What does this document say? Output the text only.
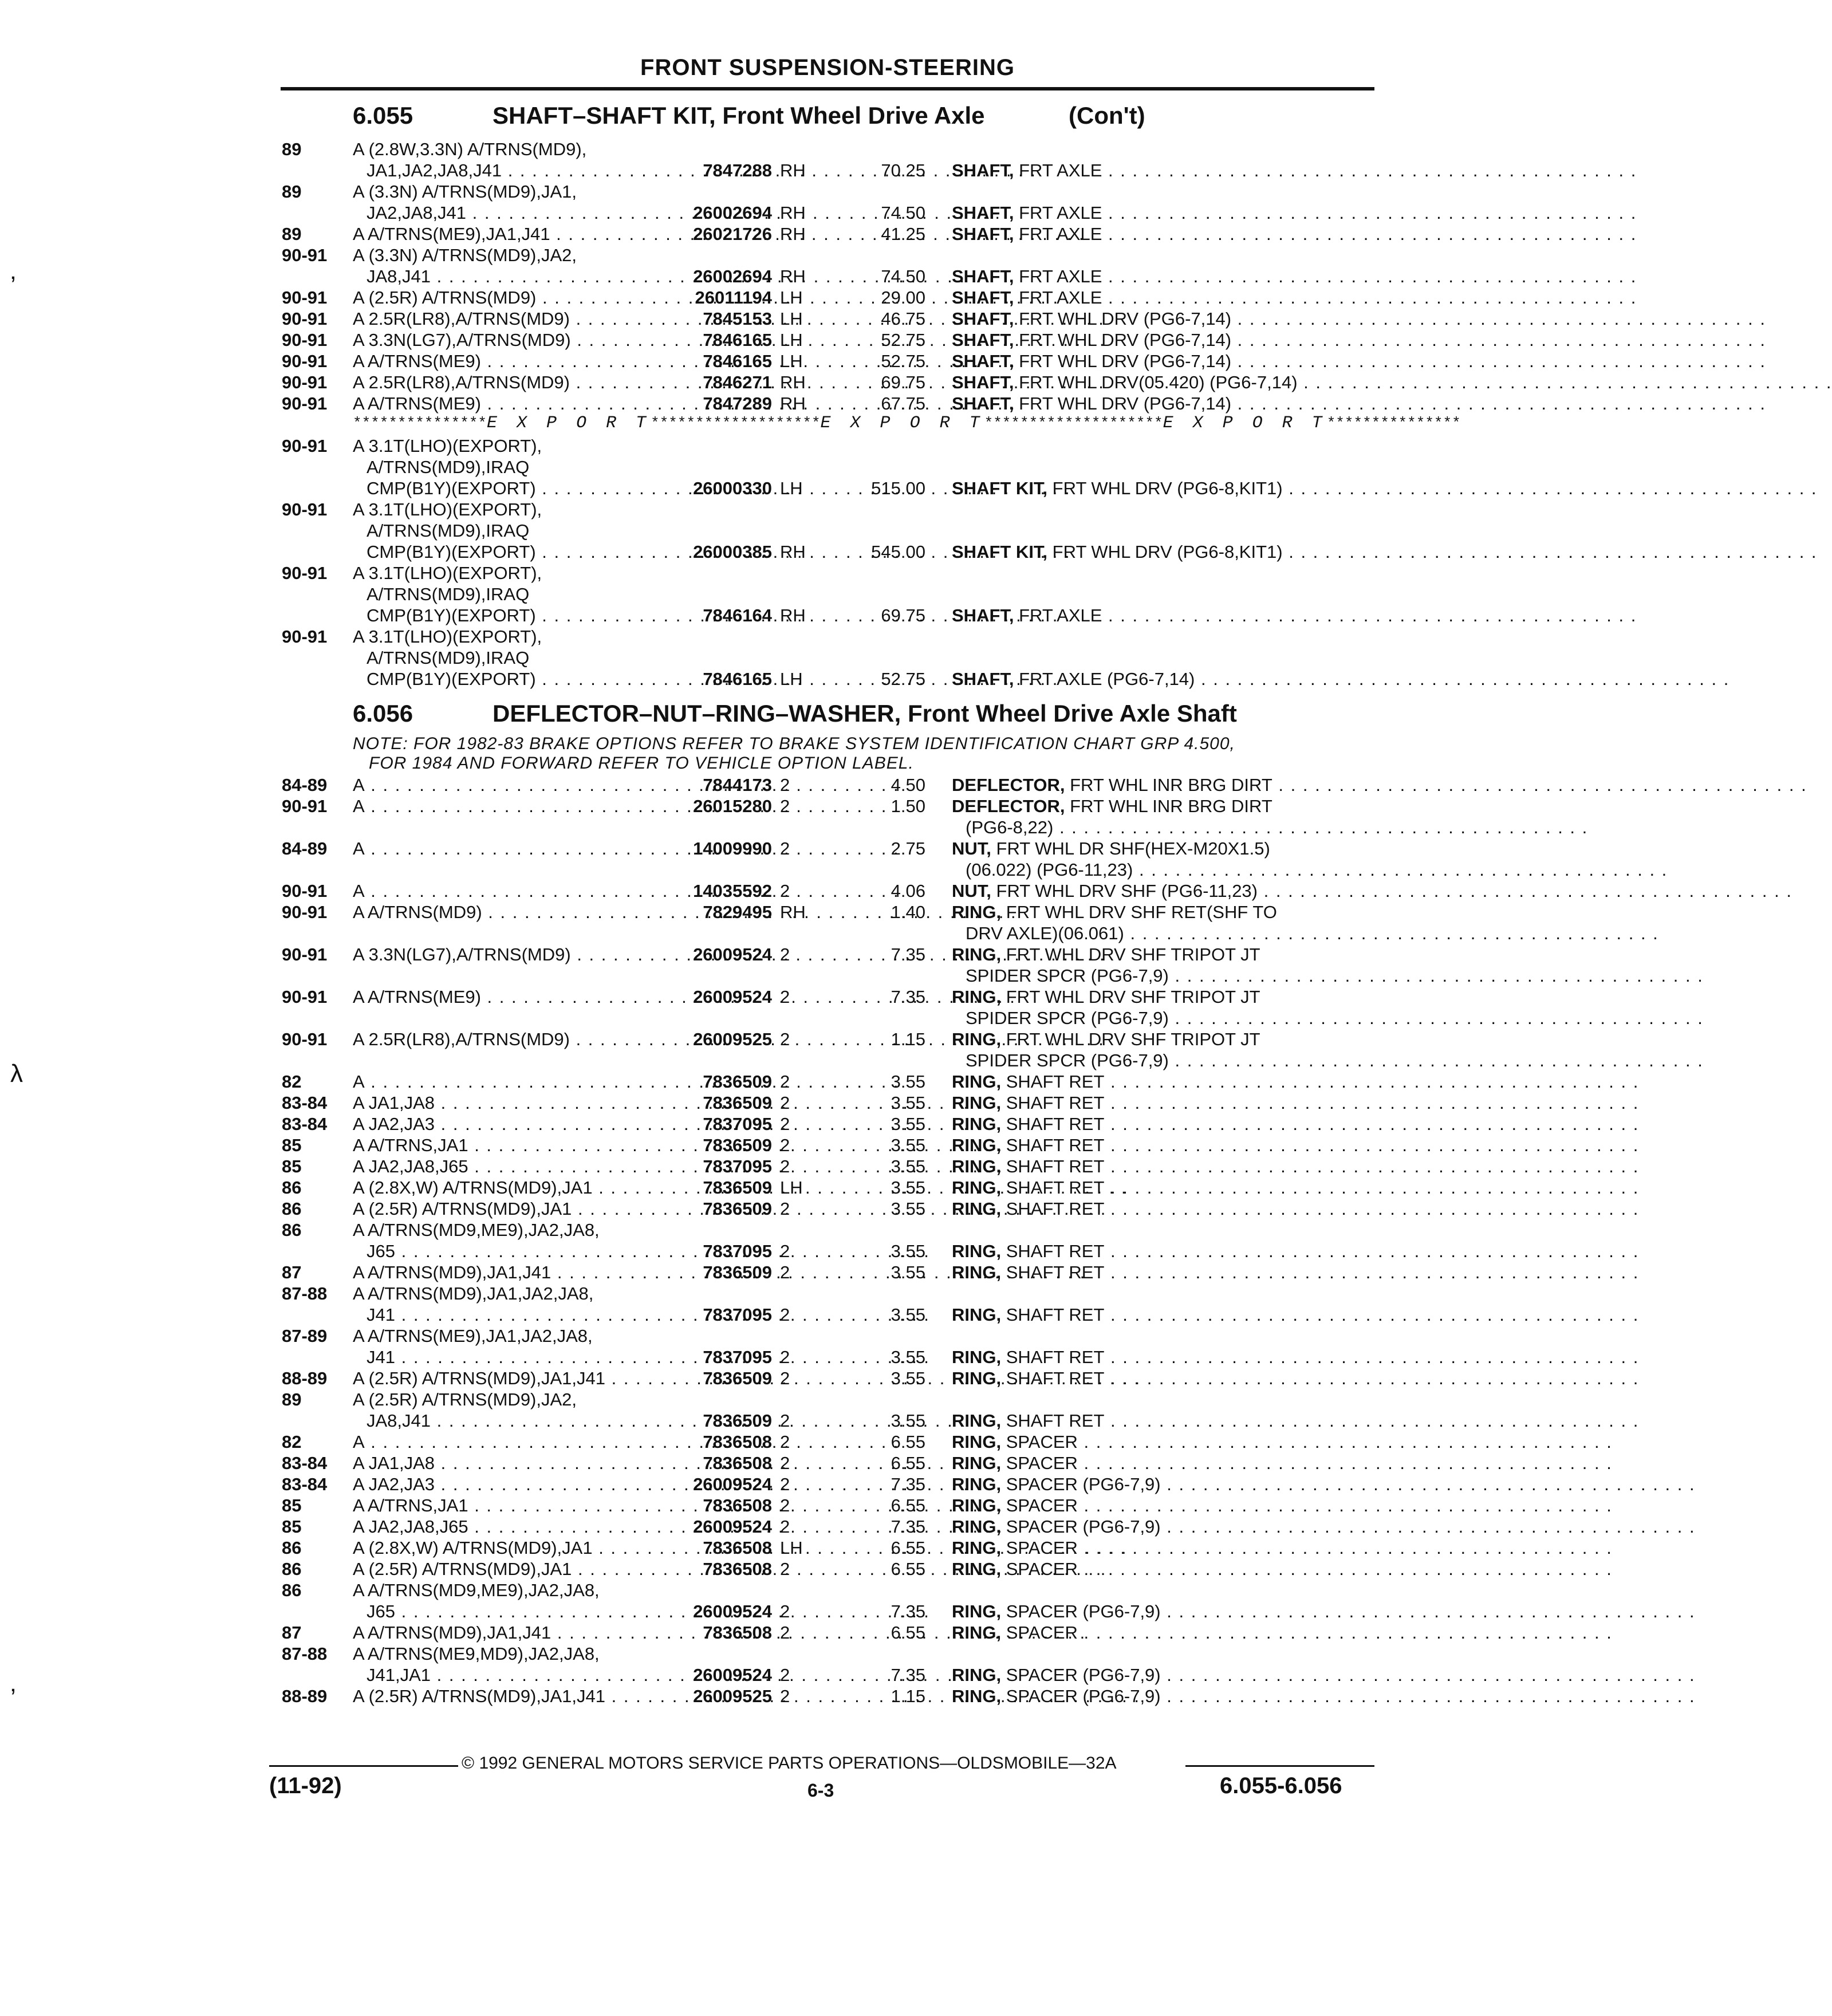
FRONT SUSPENSION-STEERING
6.055	SHAFT–SHAFT KIT, Front Wheel Drive Axle	(Con't)
***************E X P O R T*******************E X P O R T********************E X P O R T***************
6.056	DEFLECTOR–NUT–RING–WASHER, Front Wheel Drive Axle Shaft
NOTE: FOR 1982-83 BRAKE OPTIONS REFER TO BRAKE SYSTEM IDENTIFICATION CHART GRP 4.500,
FOR 1984 AND FORWARD REFER TO VEHICLE OPTION LABEL.
89	A (2.8W,3.3N) A/TRNS(MD9),
JA1,JA2,JA8,J41 . . .	7847288 RH	70.25 SHAFT, FRT AXLE . . .
89	A (3.3N) A/TRNS(MD9),JA1,
JA2,JA8,J41 . . .	26002694 RH	74.50 SHAFT, FRT AXLE . . .
89	A A/TRNS(ME9),JA1,J41 . . .	26021726 RH	41.25 SHAFT, FRT AXLE . . .
90-91 A (3.3N) A/TRNS(MD9),JA2,
JA8,J41 . . .	26002694 RH	74.50 SHAFT, FRT AXLE . . .
90-91 A (2.5R) A/TRNS(MD9) . . .	26011194 LH	29.00 SHAFT, FRT AXLE . . .
90-91 A 2.5R(LR8),A/TRNS(MD9) . . .	7845153 LH	46.75 SHAFT, FRT WHL DRV (PG6-7,14) . . .
90-91 A 3.3N(LG7),A/TRNS(MD9) . . .	7846165 LH	52.75 SHAFT, FRT WHL DRV (PG6-7,14) . . .
90-91 A A/TRNS(ME9) . . .	7846165 LH	52.75 SHAFT, FRT WHL DRV (PG6-7,14) . . .
90-91 A 2.5R(LR8),A/TRNS(MD9) . . .	7846271 RH	69.75 SHAFT, FRT WHL DRV(05.420) (PG6-7,14) . . .
90-91 A A/TRNS(ME9) . . .	7847289 RH	67.75 SHAFT, FRT WHL DRV (PG6-7,14) . . .
90-91 A 3.1T(LHO)(EXPORT),
A/TRNS(MD9),IRAQ
CMP(B1Y)(EXPORT) . . .	26000330 LH	515.00 SHAFT KIT, FRT WHL DRV (PG6-8,KIT1) . . .
90-91 A 3.1T(LHO)(EXPORT),
A/TRNS(MD9),IRAQ
CMP(B1Y)(EXPORT) . . .	26000385 RH	545.00 SHAFT KIT, FRT WHL DRV (PG6-8,KIT1) . . .
90-91 A 3.1T(LHO)(EXPORT),
A/TRNS(MD9),IRAQ
CMP(B1Y)(EXPORT) . . .	7846164 RH	69.75 SHAFT, FRT AXLE . . .
90-91 A 3.1T(LHO)(EXPORT),
A/TRNS(MD9),IRAQ
CMP(B1Y)(EXPORT) . . .	7846165 LH	52.75 SHAFT, FRT AXLE (PG6-7,14) . . .
84-89 A . . .	7844173 2	4.50 DEFLECTOR, FRT WHL INR BRG DIRT . . .
90-91 A . . .	26015280 2	1.50 DEFLECTOR, FRT WHL INR BRG DIRT
(PG6-8,22) . . .
84-89 A . . .	14009990 2	2.75 NUT, FRT WHL DR SHF(HEX-M20X1.5)
(06.022) (PG6-11,23) . . .
90-91 A . . .	14035592 2	4.06 NUT, FRT WHL DRV SHF (PG6-11,23) . . .
90-91 A A/TRNS(MD9) . . .	7829495 RH	1.40 RING, FRT WHL DRV SHF RET(SHF TO
DRV AXLE)(06.061) . . .
90-91 A 3.3N(LG7),A/TRNS(MD9) . . .	26009524 2	7.35 RING, FRT WHL DRV SHF TRIPOT JT
SPIDER SPCR (PG6-7,9) . . .
90-91 A A/TRNS(ME9) . . .	26009524 2	7.35 RING, FRT WHL DRV SHF TRIPOT JT
SPIDER SPCR (PG6-7,9) . . .
90-91 A 2.5R(LR8),A/TRNS(MD9) . . .	26009525 2	1.15 RING, FRT WHL DRV SHF TRIPOT JT
SPIDER SPCR (PG6-7,9) . . .
82	A . . .	7836509 2	3.55 RING, SHAFT RET . . .
83-84 A JA1,JA8 . . .	7836509 2	3.55 RING, SHAFT RET . . .
83-84 A JA2,JA3 . . .	7837095 2	3.55 RING, SHAFT RET . . .
85	A A/TRNS,JA1 . . .	7836509 2	3.55 RING, SHAFT RET . . .
85	A JA2,JA8,J65 . . .	7837095 2	3.55 RING, SHAFT RET . . .
86	A (2.8X,W) A/TRNS(MD9),JA1 . . .	7836509 LH	3.55 RING, SHAFT RET . . .
86	A (2.5R) A/TRNS(MD9),JA1 . . .	7836509 2	3.55 RING, SHAFT RET . . .
86	A A/TRNS(MD9,ME9),JA2,JA8,
J65 . . .	7837095 2	3.55 RING, SHAFT RET . . .
87	A A/TRNS(MD9),JA1,J41 . . .	7836509 2	3.55 RING, SHAFT RET . . .
87-88 A A/TRNS(MD9),JA1,JA2,JA8,
J41 . . .	7837095 2	3.55 RING, SHAFT RET . . .
87-89 A A/TRNS(ME9),JA1,JA2,JA8,
J41 . . .	7837095 2	3.55 RING, SHAFT RET . . .
88-89 A (2.5R) A/TRNS(MD9),JA1,J41 . . .	7836509 2	3.55 RING, SHAFT RET . . .
89	A (2.5R) A/TRNS(MD9),JA2,
JA8,J41 . . .	7836509 2	3.55 RING, SHAFT RET . . .
82	A . . .	7836508 2	6.55 RING, SPACER . . .
83-84 A JA1,JA8 . . .	7836508 2	6.55 RING, SPACER . . .
83-84 A JA2,JA3 . . .	26009524 2	7.35 RING, SPACER (PG6-7,9) . . .
85	A A/TRNS,JA1 . . .	7836508 2	6.55 RING, SPACER . . .
85	A JA2,JA8,J65 . . .	26009524 2	7.35 RING, SPACER (PG6-7,9) . . .
86	A (2.8X,W) A/TRNS(MD9),JA1 . . .	7836508 LH	6.55 RING, SPACER . . .
86	A (2.5R) A/TRNS(MD9),JA1 . . .	7836508 2	6.55 RING, SPACER . . .
86	A A/TRNS(MD9,ME9),JA2,JA8,
J65 . . .	26009524 2	7.35 RING, SPACER (PG6-7,9) . . .
87	A A/TRNS(MD9),JA1,J41 . . .	7836508 2	6.55 RING, SPACER . . .
87-88 A A/TRNS(ME9,MD9),JA2,JA8,
J41,JA1 . . .	26009524 2	7.35 RING, SPACER (PG6-7,9) . . .
88-89 A (2.5R) A/TRNS(MD9),JA1,J41 . . .	26009525 2	1.15 RING, SPACER (PG6-7,9) . . .
’
λ
’
© 1992 GENERAL MOTORS SERVICE PARTS OPERATIONS—OLDSMOBILE—32A
(11-92)	6-3	6.055-6.056
